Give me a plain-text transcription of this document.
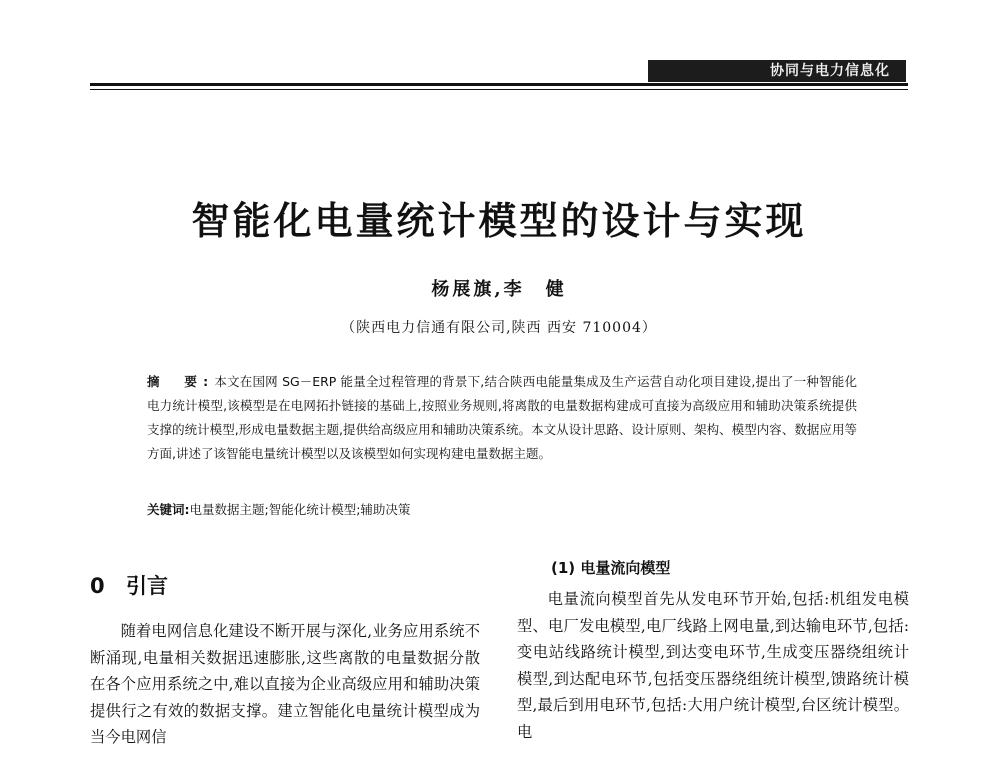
协同与电力信息化
智能化电量统计模型的设计与实现
杨展旗,李　健
（陕西电力信通有限公司,陕西 西安 710004）
摘　要:本文在国网 SG－ERP 能量全过程管理的背景下,结合陕西电能量集成及生产运营自动化项目建设,提出了一种智能化电力统计模型,该模型是在电网拓扑链接的基础上,按照业务规则,将离散的电量数据构建成可直接为高级应用和辅助决策系统提供支撑的统计模型,形成电量数据主题,提供给高级应用和辅助决策系统。本文从设计思路、设计原则、架构、模型内容、数据应用等方面,讲述了该智能电量统计模型以及该模型如何实现构建电量数据主题。
关键词:电量数据主题;智能化统计模型;辅助决策
0 引言

随着电网信息化建设不断开展与深化,业务应用系统不断涌现,电量相关数据迅速膨胀,这些离散的电量数据分散在各个应用系统之中,难以直接为企业高级应用和辅助决策提供行之有效的数据支撑。建立智能化电量统计模型成为当今电网信

(1) 电量流向模型

电量流向模型首先从发电环节开始,包括:机组发电模型、电厂发电模型,电厂线路上网电量,到达输电环节,包括:变电站线路统计模型,到达变电环节,生成变压器绕组统计模型,到达配电环节,包括变压器绕组统计模型,馈路统计模型,最后到用电环节,包括:大用户统计模型,台区统计模型。电
